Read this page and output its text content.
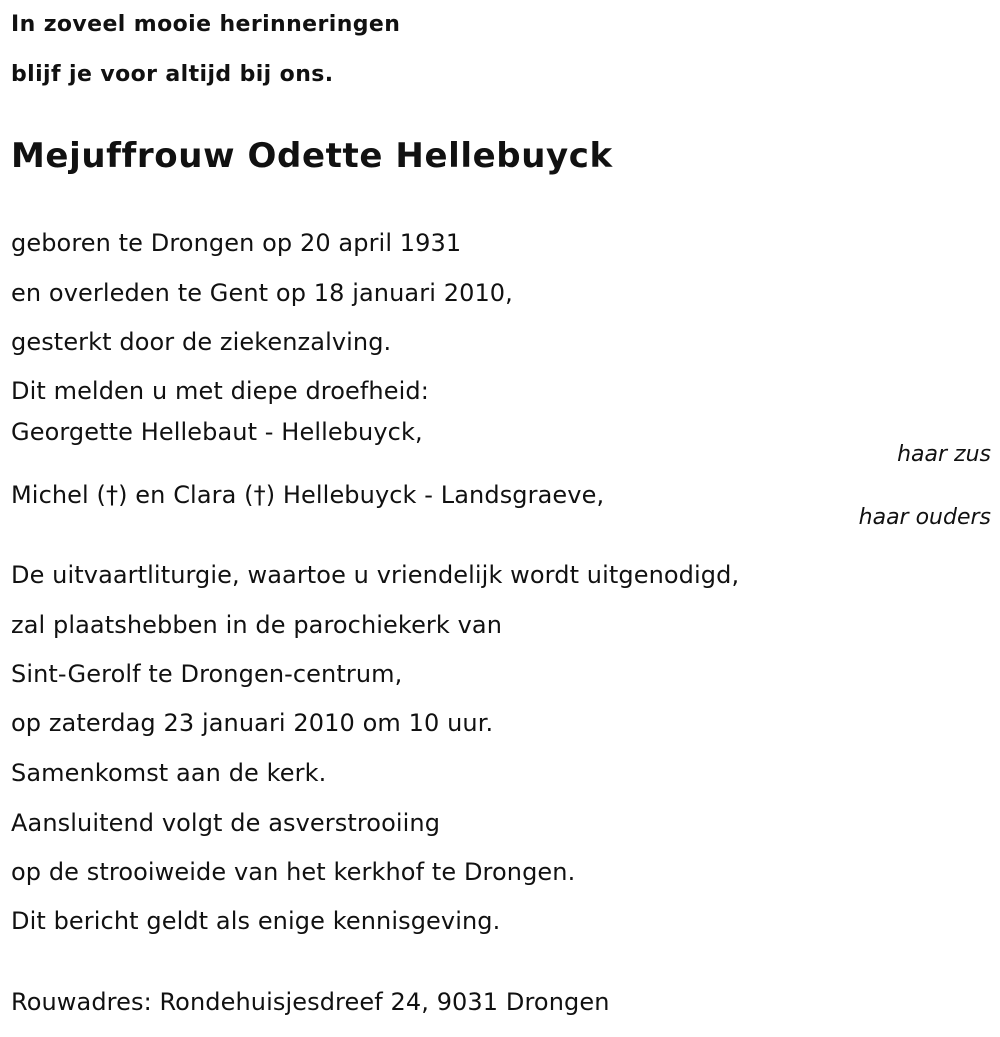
In zoveel mooie herinneringen
blijf je voor altijd bij ons.
Mejuffrouw Odette Hellebuyck
geboren te Drongen op 20 april 1931
en overleden te Gent op 18 januari 2010,
gesterkt door de ziekenzalving.
Dit melden u met diepe droefheid:
Georgette Hellebaut - Hellebuyck,
haar zus
Michel (†) en Clara (†) Hellebuyck - Landsgraeve,
haar ouders
De uitvaartliturgie, waartoe u vriendelijk wordt uitgenodigd,
zal plaatshebben in de parochiekerk van
Sint-Gerolf te Drongen-centrum,
op zaterdag 23 januari 2010 om 10 uur.
Samenkomst aan de kerk.
Aansluitend volgt de asverstrooiing
op de strooiweide van het kerkhof te Drongen.
Dit bericht geldt als enige kennisgeving.
Rouwadres: Rondehuisjesdreef 24, 9031 Drongen
